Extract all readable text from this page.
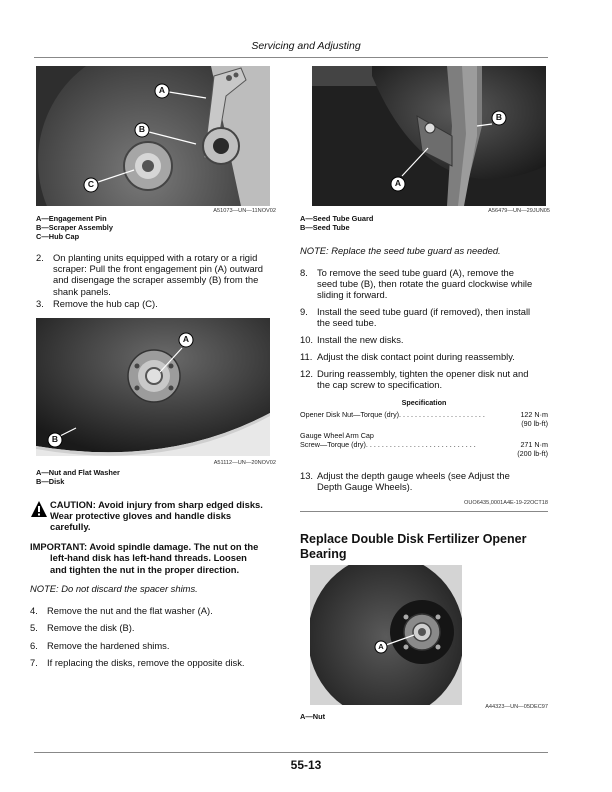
Servicing and Adjusting
A
B
C
A51073—UN—11NOV02
A—Engagement Pin
B—Scraper Assembly
C—Hub Cap
2. On planting units equipped with a rotary or a rigid
scraper: Pull the front engagement pin (A) outward
and disengage the scraper assembly (B) from the
shank panels.
3. Remove the hub cap (C).
A
B
A51112—UN—20NOV02
A—Nut and Flat Washer
B—Disk
CAUTION: Avoid injury from sharp edged disks.
Wear protective gloves and handle disks
carefully.
IMPORTANT: Avoid spindle damage. The nut on the
left-hand disk has left-hand threads. Loosen
and tighten the nut in the proper direction.
NOTE: Do not discard the spacer shims.
4. Remove the nut and the flat washer (A).
5. Remove the disk (B).
6. Remove the hardened shims.
7. If replacing the disks, remove the opposite disk.
A
B
A56479—UN—29JUN05
A—Seed Tube Guard
B—Seed Tube
NOTE: Replace the seed tube guard as needed.
8. To remove the seed tube guard (A), remove the
seed tube (B), then rotate the guard clockwise while
sliding it forward.
9. Install the seed tube guard (if removed), then install
the seed tube.
10. Install the new disks.
11. Adjust the disk contact point during reassembly.
12. During reassembly, tighten the opener disk nut and
the cap screw to specification.
Specification
Opener Disk Nut—Torque (dry). . . . . . . . . . . . . . . . . . . . . .	122 N·m
(90 lb-ft)
Gauge Wheel Arm Cap
Screw—Torque (dry). . . . . . . . . . . . . . . . . . . . . . . . . . . .	271 N·m
(200 lb-ft)
13. Adjust the depth gauge wheels (see Adjust the
Depth Gauge Wheels).
OUO6435,0001A4E-19-22OCT18
Replace Double Disk Fertilizer Opener
Bearing
A
A44323—UN—05DEC97
A—Nut
55-13
